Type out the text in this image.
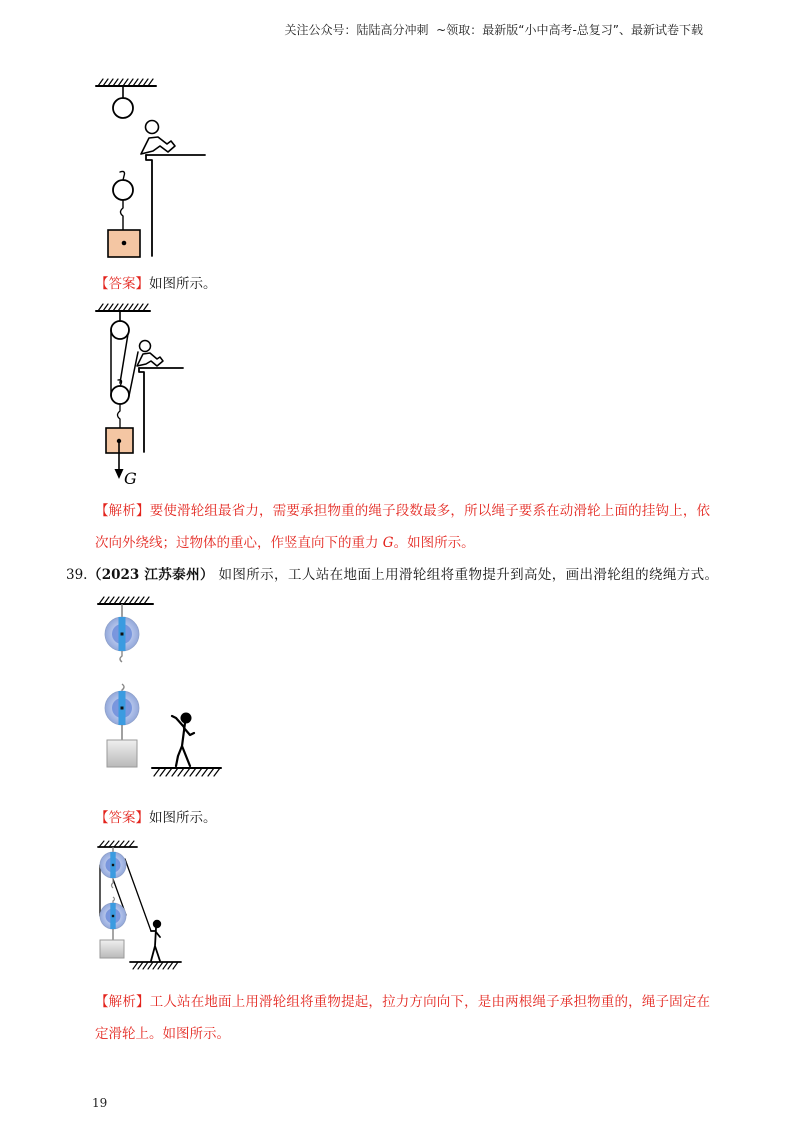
关注公众号：陆陆高分冲刺  ~领取：最新版“小中高考-总复习”、最新试卷下载
【答案】如图所示。
【解析】要使滑轮组最省力，需要承担物重的绳子段数最多，所以绳子要系在动滑轮上面的挂钩上，依
次向外绕线；过物体的重心，作竖直向下的重力 G。如图所示。
39.（2023 江苏泰州） 如图所示，工人站在地面上用滑轮组将重物提升到高处，画出滑轮组的绕绳方式。
【答案】如图所示。
【解析】工人站在地面上用滑轮组将重物提起，拉力方向向下，是由两根绳子承担物重的，绳子固定在
定滑轮上。如图所示。
19
G
